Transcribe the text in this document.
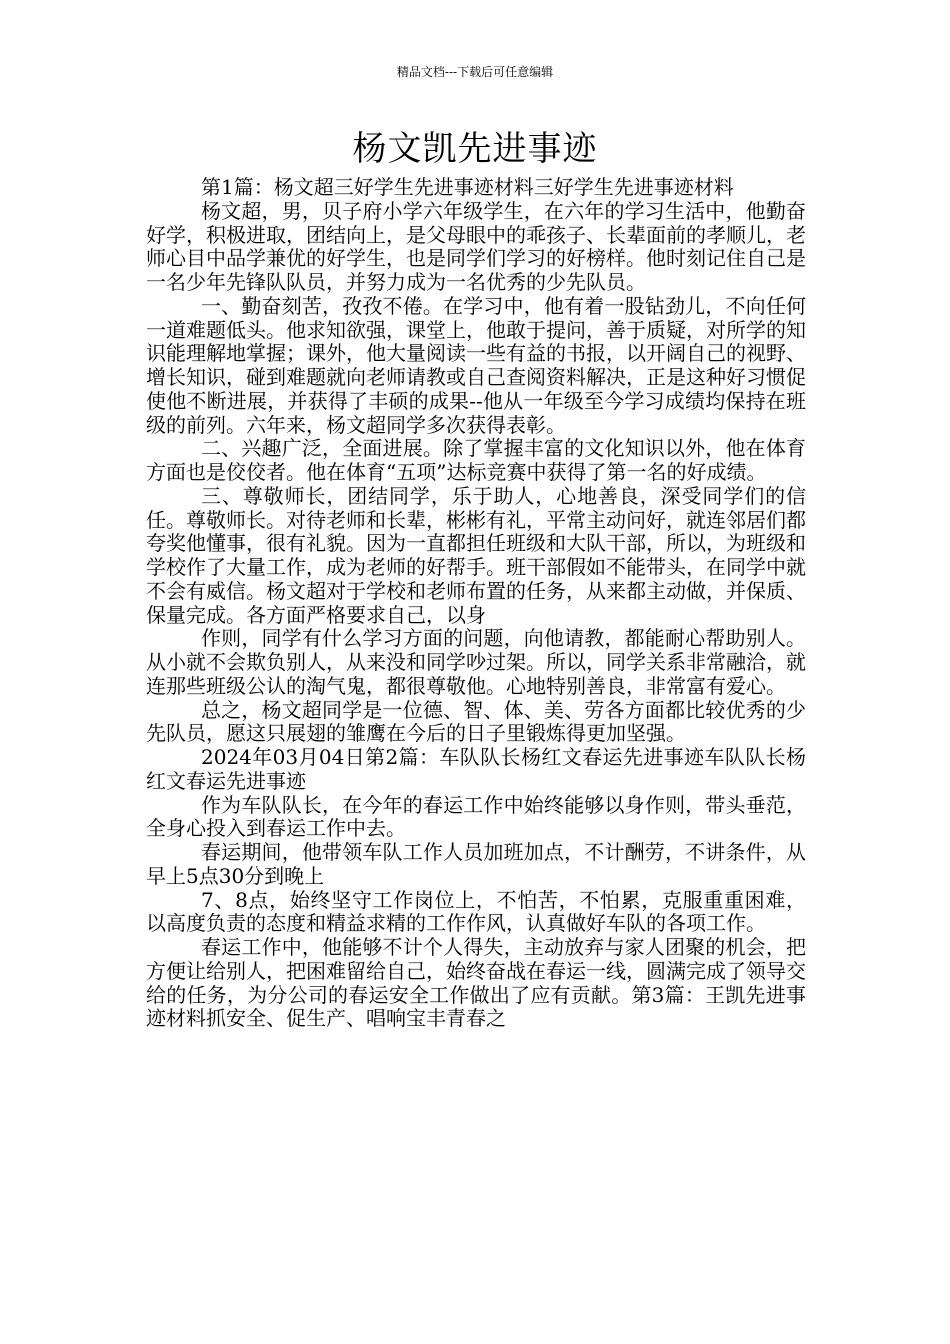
精品文档---下载后可任意编辑
杨文凯先进事迹

第1篇：杨文超三好学生先进事迹材料三好学生先进事迹材料

杨文超，男，贝子府小学六年级学生，在六年的学习生活中，他勤奋好学，积极进取，团结向上，是父母眼中的乖孩子、长辈面前的孝顺儿，老师心目中品学兼优的好学生，也是同学们学习的好榜样。他时刻记住自己是一名少年先锋队队员，并努力成为一名优秀的少先队员。

一、勤奋刻苦，孜孜不倦。在学习中，他有着一股钻劲儿，不向任何一道难题低头。他求知欲强，课堂上，他敢于提问，善于质疑，对所学的知识能理解地掌握；课外，他大量阅读一些有益的书报，以开阔自己的视野、增长知识，碰到难题就向老师请教或自己查阅资料解决，正是这种好习惯促使他不断进展，并获得了丰硕的成果--他从一年级至今学习成绩均保持在班级的前列。六年来，杨文超同学多次获得表彰。

二、兴趣广泛，全面进展。除了掌握丰富的文化知识以外，他在体育方面也是佼佼者。他在体育“五项”达标竞赛中获得了第一名的好成绩。

三、尊敬师长，团结同学，乐于助人，心地善良，深受同学们的信任。尊敬师长。对待老师和长辈，彬彬有礼，平常主动问好，就连邻居们都夸奖他懂事，很有礼貌。因为一直都担任班级和大队干部，所以，为班级和学校作了大量工作，成为老师的好帮手。班干部假如不能带头，在同学中就不会有威信。杨文超对于学校和老师布置的任务，从来都主动做，并保质、保量完成。各方面严格要求自己，以身

作则，同学有什么学习方面的问题，向他请教，都能耐心帮助别人。从小就不会欺负别人，从来没和同学吵过架。所以，同学关系非常融洽，就连那些班级公认的淘气鬼，都很尊敬他。心地特别善良，非常富有爱心。

总之，杨文超同学是一位德、智、体、美、劳各方面都比较优秀的少先队员，愿这只展翅的雏鹰在今后的日子里锻炼得更加坚强。

2024年03月04日第2篇：车队队长杨红文春运先进事迹车队队长杨红文春运先进事迹

作为车队队长，在今年的春运工作中始终能够以身作则，带头垂范，全身心投入到春运工作中去。

春运期间，他带领车队工作人员加班加点，不计酬劳，不讲条件，从早上5点30分到晚上

7、8点，始终坚守工作岗位上，不怕苦，不怕累，克服重重困难，以高度负责的态度和精益求精的工作作风，认真做好车队的各项工作。

春运工作中，他能够不计个人得失，主动放弃与家人团聚的机会，把方便让给别人，把困难留给自己，始终奋战在春运一线，圆满完成了领导交给的任务，为分公司的春运安全工作做出了应有贡献。第3篇：王凯先进事迹材料抓安全、促生产、唱响宝丰青春之
